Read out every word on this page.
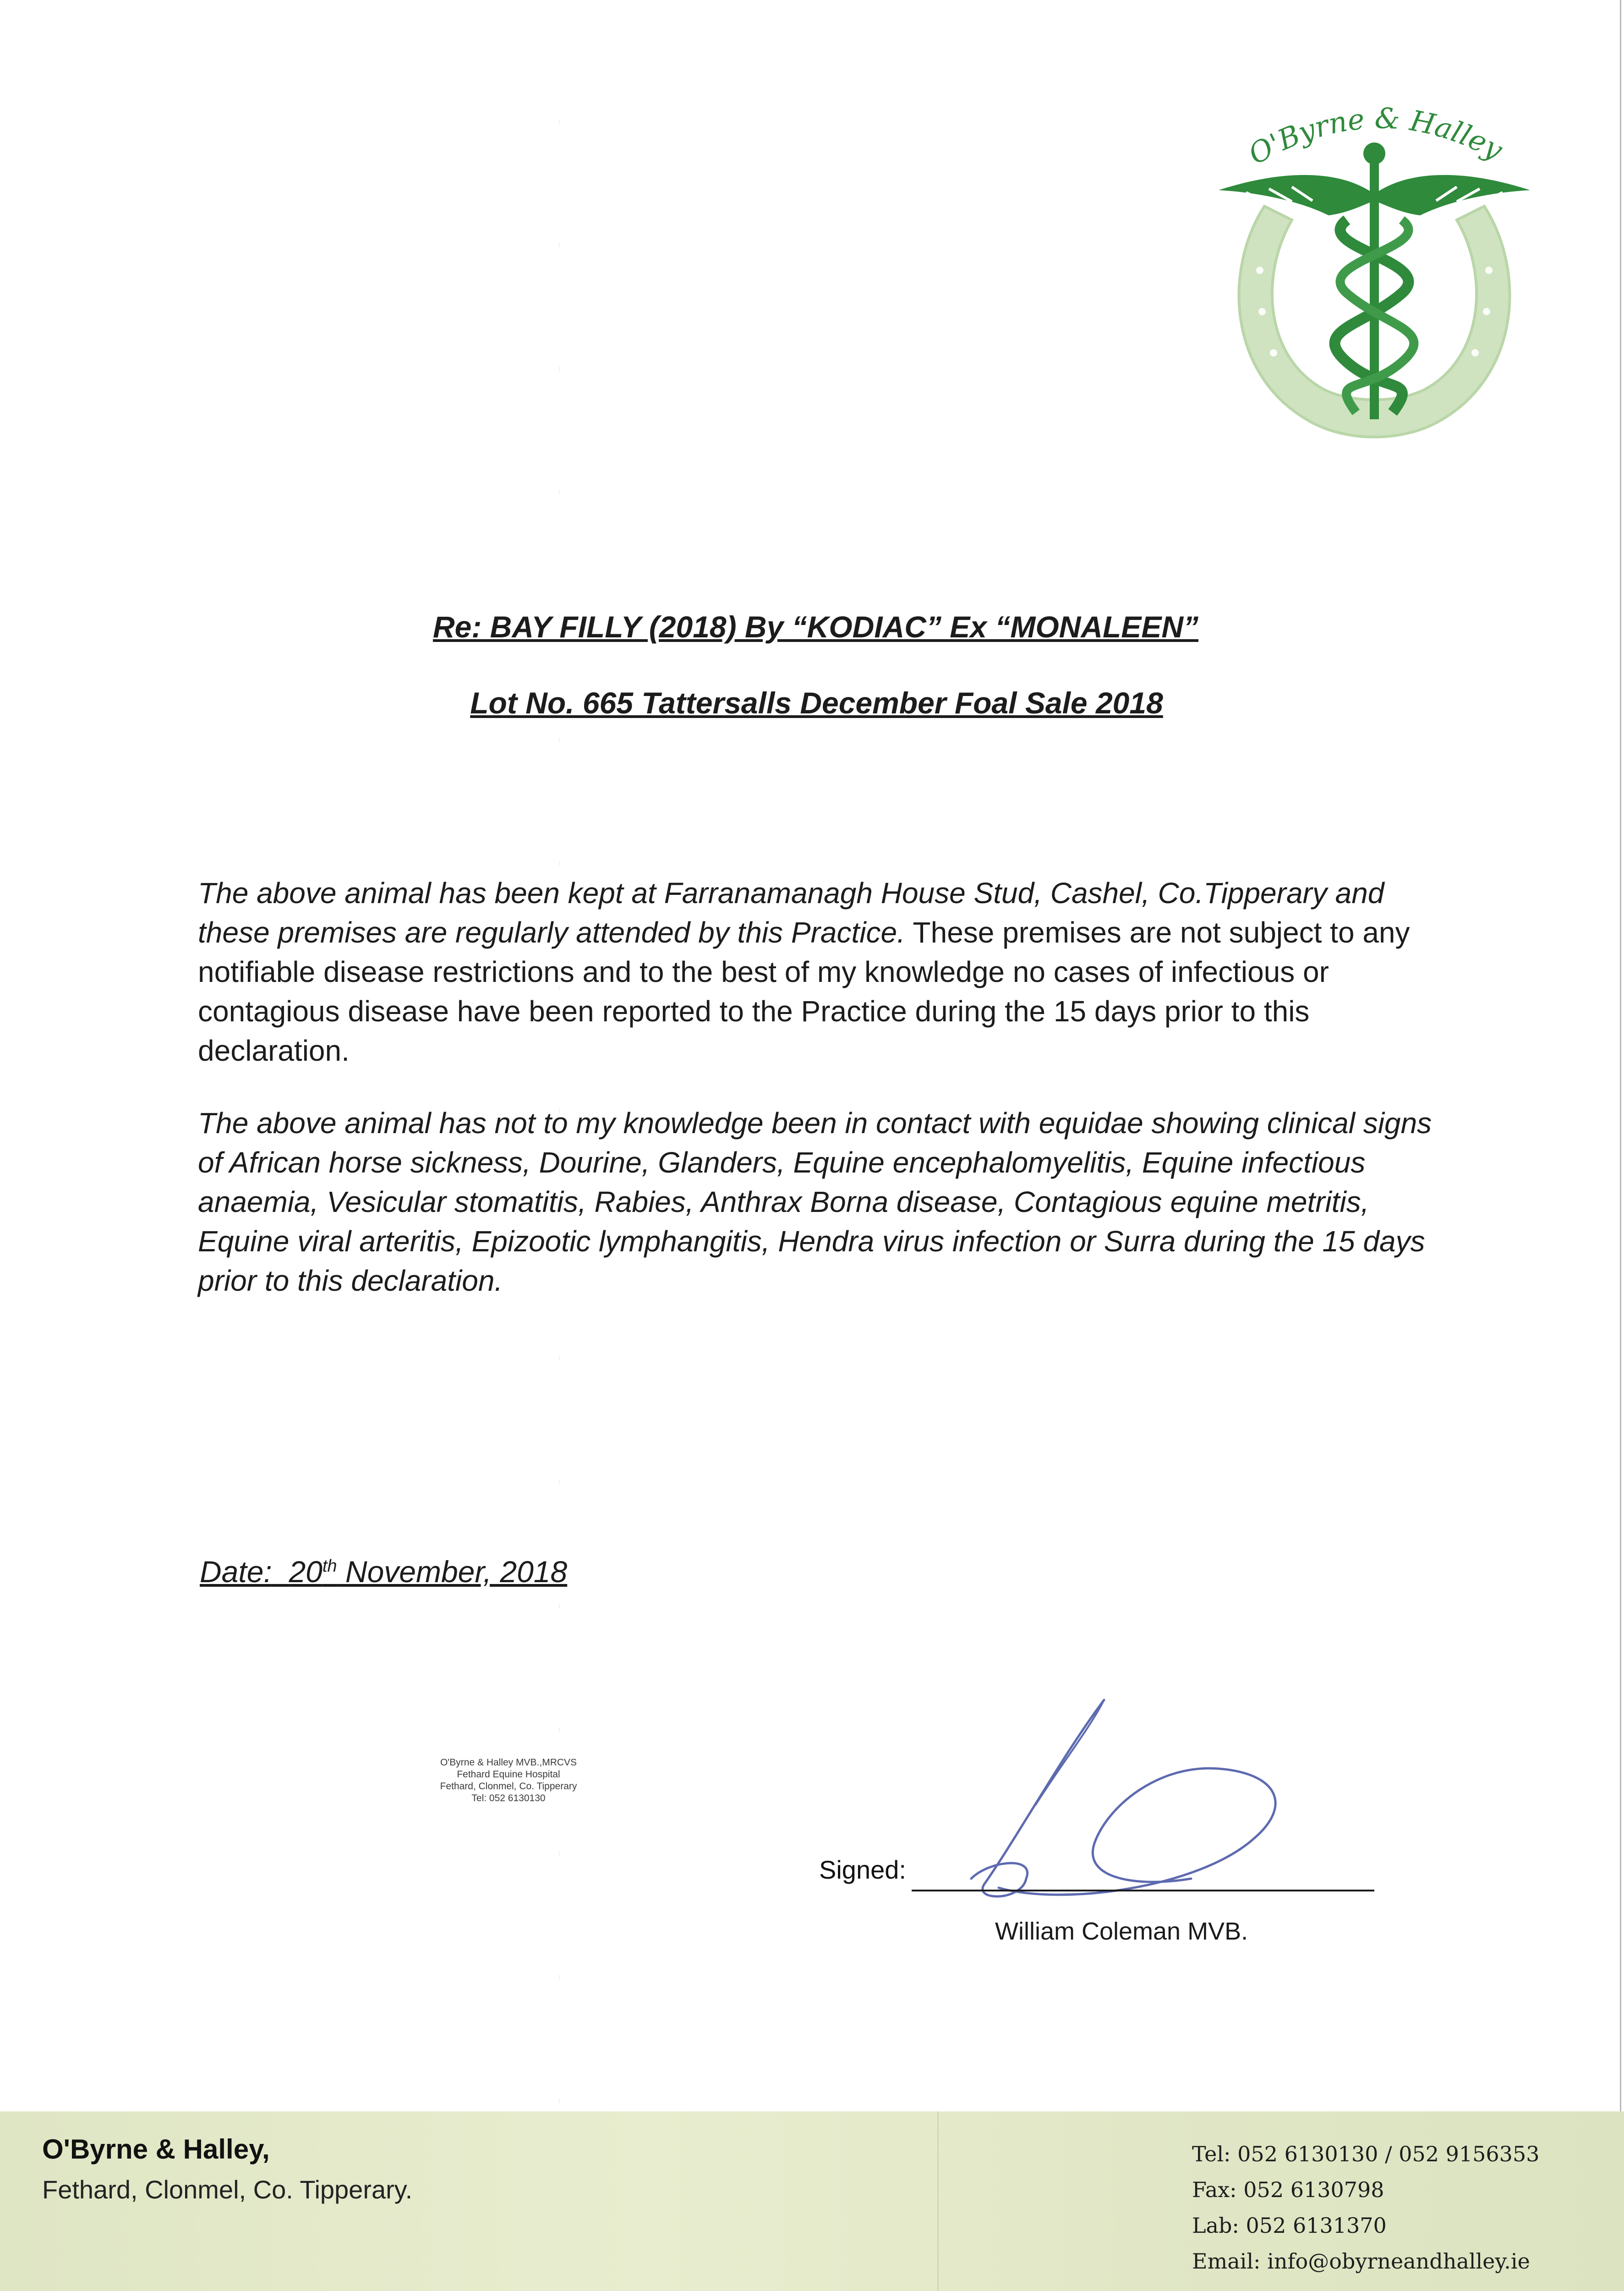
O'Byrne & Halley
Re: BAY FILLY (2018) By “KODIAC” Ex “MONALEEN”
Lot No. 665 Tattersalls December Foal Sale 2018
The above animal has been kept at Farranamanagh House Stud, Cashel, Co.Tipperary and these premises are regularly attended by this Practice. These premises are not subject to any notifiable disease restrictions and to the best of my knowledge no cases of infectious or contagious disease have been reported to the Practice during the 15 days prior to this declaration.
The above animal has not to my knowledge been in contact with equidae showing clinical signs of African horse sickness, Dourine, Glanders, Equine encephalomyelitis, Equine infectious anaemia, Vesicular stomatitis, Rabies, Anthrax Borna disease, Contagious equine metritis, Equine viral arteritis, Epizootic lymphangitis, Hendra virus infection or Surra during the 15 days prior to this declaration.
Date: 20th November, 2018
O'Byrne & Halley MVB.,MRCVS
Fethard Equine Hospital
Fethard, Clonmel, Co. Tipperary
Tel: 052 6130130
Signed:
William Coleman MVB.
O'Byrne & Halley,
Fethard, Clonmel, Co. Tipperary.
Tel: 052 6130130 / 052 9156353
Fax: 052 6130798
Lab: 052 6131370
Email: info@obyrneandhalley.ie
